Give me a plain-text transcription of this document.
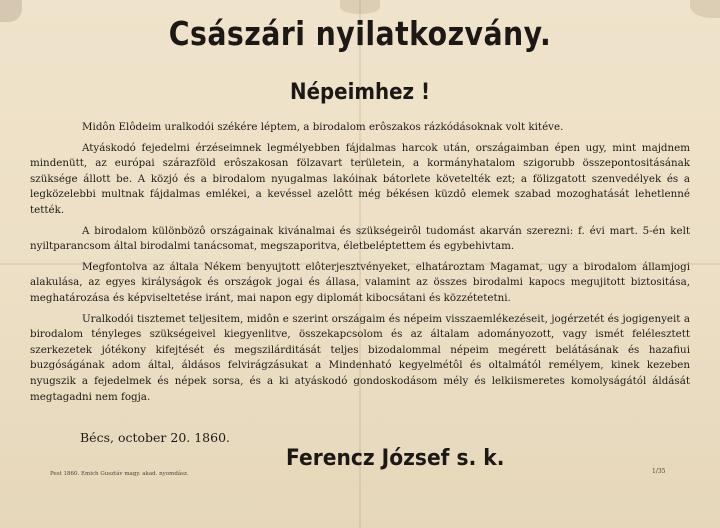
Császári nyilatkozvány.
Népeimhez !

Midôn Elôdeim uralkodói székére léptem, a birodalom erôszakos rázkódásoknak volt kitéve.

Atyáskodó fejedelmi érzéseimnek legmélyebben fájdalmas harcok után, országaimban épen ugy, mint majdnem mindenütt, az európai szárazföld erôszakosan fölzavart területein, a kormányhatalom szigorubb összepontositásának szüksége állott be. A közjó és a birodalom nyugalmas lakóinak bátorlete követelték ezt; a fölizgatott szenvedélyek és a legközelebbi multnak fájdalmas emlékei, a kevéssel azelôtt még békésen küzdô elemek szabad mozoghatását lehetlenné tették.

A birodalom különbözô országainak kivánalmai és szükségeirôl tudomást akarván szerezni: f. évi mart. 5-én kelt nyiltparancsom által birodalmi tanácsomat, megszaporitva, életbeléptettem és egybehivtam.

Megfontolva az általa Nékem benyujtott elôterjesztvényeket, elhatároztam Magamat, ugy a birodalom államjogi alakulása, az egyes királyságok és országok jogai és állasa, valamint az összes birodalmi kapocs megujitott biztositása, meghatározása és képviseltetése iránt, mai napon egy diplomát kibocsátani és közzétetetni.

Uralkodói tisztemet teljesitem, midôn e szerint országaim és népeim visszaemlékezéseit, jogérzetét és jogigenyeit a birodalom tényleges szükségeivel kiegyenlitve, összekapcsolom és az általam adományozott, vagy ismét felélesztett szerkezetek jótékony kifejtését és megszilárditását teljes bizodalommal népeim megérett belátásának és hazafiui buzgóságának adom által, áldásos felvirágzásukat a Mindenható kegyelmétôl és oltalmától remélyem, kinek kezeben nyugszik a fejedelmek és népek sorsa, és a ki atyáskodó gondoskodásom mély és lelkiismeretes komolyságától áldását megtagadni nem fogja.

Bécs, october 20. 1860.
Ferencz József s. k.
Pest 1860. Emich Gusztáv magy. akad. nyomdász.	1/35
